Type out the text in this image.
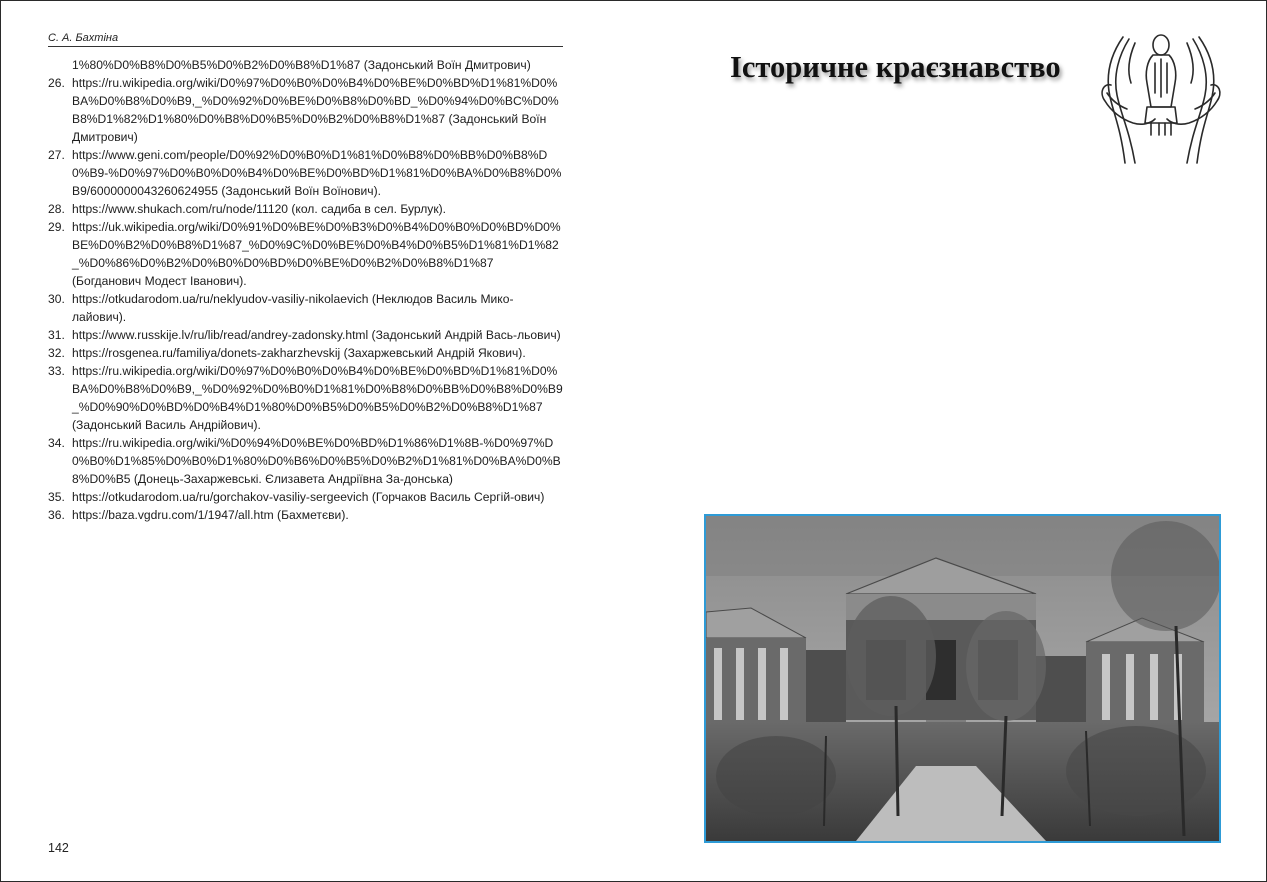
С. А. Бахтіна
1%80%D0%B8%D0%B5%D0%B2%D0%B8%D1%87 (Задонський Воїн Дмитрович)
26. https://ru.wikipedia.org/wiki/D0%97%D0%B0%D0%B4%D0%BE%D0%BD%D1%81%D0%BA%D0%B8%D0%B9,_%D0%92%D0%BE%D0%B8%D0%BD_%D0%94%D0%BC%D0%B8%D1%82%D1%80%D0%B8%D0%B5%D0%B2%D0%B8%D1%87 (Задонський Воїн Дмитрович)
27. https://www.geni.com/people/D0%92%D0%B0%D1%81%D0%B8%D0%BB%D0%B8%D0%B9-%D0%97%D0%B0%D0%B4%D0%BE%D0%BD%D1%81%D0%BA%D0%B8%D0%B9/6000000043260624955 (Задонський Воїн Воїнович).
28. https://www.shukach.com/ru/node/11120 (кол. садиба в сел. Бурлук).
29. https://uk.wikipedia.org/wiki/D0%91%D0%BE%D0%B3%D0%B4%D0%B0%D0%BD%D0%BE%D0%B2%D0%B8%D1%87_%D0%9C%D0%BE%D0%B4%D0%B5%D1%81%D1%82_%D0%86%D0%B2%D0%B0%D0%BD%D0%BE%D0%B2%D0%B8%D1%87 (Богданович Модест Іванович).
30. https://otkudarodom.ua/ru/neklyudov-vasiliy-nikolaevich (Неклюдов Василь Мико-лайович).
31. https://www.russkije.lv/ru/lib/read/andrey-zadonsky.html (Задонський Андрій Вась-льович)
32. https://rosgenea.ru/familiya/donets-zakharzhevskij (Захаржевський Андрій Якович).
33. https://ru.wikipedia.org/wiki/D0%97%D0%B0%D0%B4%D0%BE%D0%BD%D1%81%D0%BA%D0%B8%D0%B9,_%D0%92%D0%B0%D1%81%D0%B8%D0%BB%D0%B8%D0%B9_%D0%90%D0%BD%D0%B4%D1%80%D0%B5%D0%B5%D0%B2%D0%B8%D1%87 (Задонський Василь Андрійович).
34. https://ru.wikipedia.org/wiki/%D0%94%D0%BE%D0%BD%D1%86%D1%8B-%D0%97%D0%B0%D1%85%D0%B0%D1%80%D0%B6%D0%B5%D0%B2%D1%81%D0%BA%D0%B8%D0%B5 (Донець-Захаржевські. Єлизавета Андріївна За-донська)
35. https://otkudarodom.ua/ru/gorchakov-vasiliy-sergeevich (Горчаков Василь Сергій-ович)
36. https://baza.vgdru.com/1/1947/all.htm (Бахметєви).
142
Історичне краєзнавство
